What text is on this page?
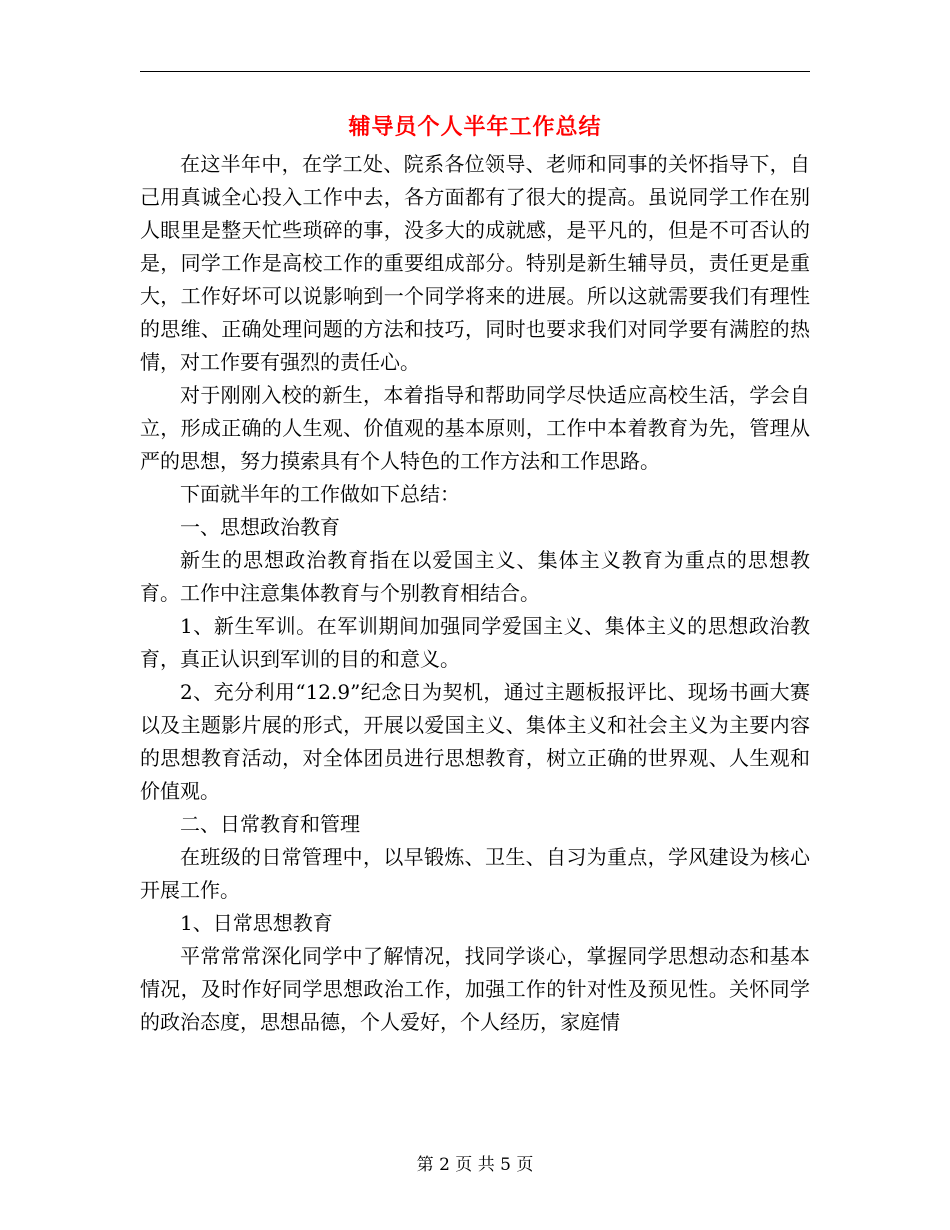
辅导员个人半年工作总结

在这半年中，在学工处、院系各位领导、老师和同事的关怀指导下，自己用真诚全心投入工作中去，各方面都有了很大的提高。虽说同学工作在别人眼里是整天忙些琐碎的事，没多大的成就感，是平凡的，但是不可否认的是，同学工作是高校工作的重要组成部分。特别是新生辅导员，责任更是重大，工作好坏可以说影响到一个同学将来的进展。所以这就需要我们有理性的思维、正确处理问题的方法和技巧，同时也要求我们对同学要有满腔的热情，对工作要有强烈的责任心。

对于刚刚入校的新生，本着指导和帮助同学尽快适应高校生活，学会自立，形成正确的人生观、价值观的基本原则，工作中本着教育为先，管理从严的思想，努力摸索具有个人特色的工作方法和工作思路。

下面就半年的工作做如下总结：

一、思想政治教育

新生的思想政治教育指在以爱国主义、集体主义教育为重点的思想教育。工作中注意集体教育与个别教育相结合。

1、新生军训。在军训期间加强同学爱国主义、集体主义的思想政治教育，真正认识到军训的目的和意义。

2、充分利用“12.9”纪念日为契机，通过主题板报评比、现场书画大赛以及主题影片展的形式，开展以爱国主义、集体主义和社会主义为主要内容的思想教育活动，对全体团员进行思想教育，树立正确的世界观、人生观和价值观。

二、日常教育和管理

在班级的日常管理中，以早锻炼、卫生、自习为重点，学风建设为核心开展工作。

1、日常思想教育

平常常常深化同学中了解情况，找同学谈心，掌握同学思想动态和基本情况，及时作好同学思想政治工作，加强工作的针对性及预见性。关怀同学的政治态度，思想品德，个人爱好，个人经历，家庭情

第 2 页 共 5 页
